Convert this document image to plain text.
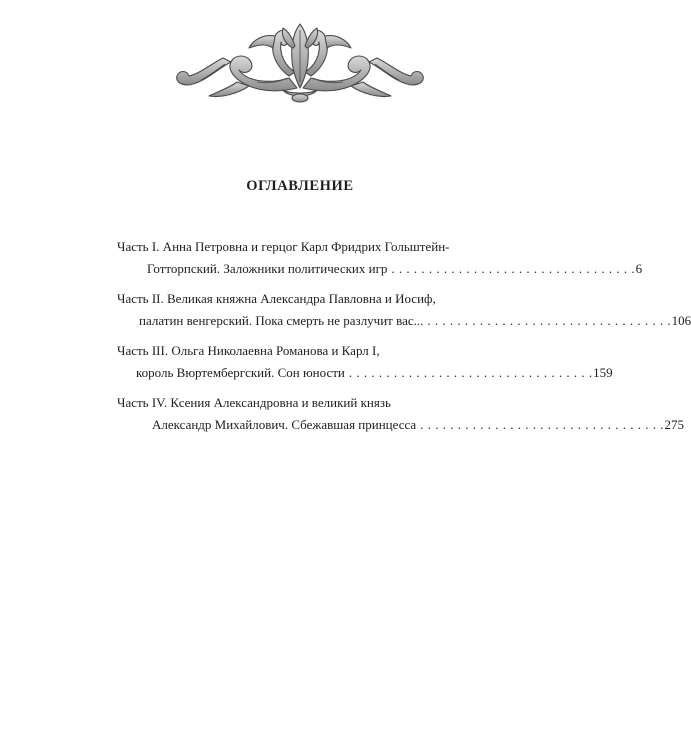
ОГЛАВЛЕНИЕ
Часть I. Анна Петровна и герцог Карл Фридрих Гольштейн-
Готторпский. Заложники политических игр . . .	6
Часть II. Великая княжна Александра Павловна и Иосиф,
палатин венгерский. Пока смерть не разлучит вас... . . .	106
Часть III. Ольга Николаевна Романова и Карл I,
король Вюртембергский. Сон юности . . .	159
Часть IV. Ксения Александровна и великий князь
Александр Михайлович. Сбежавшая принцесса . . .	275
